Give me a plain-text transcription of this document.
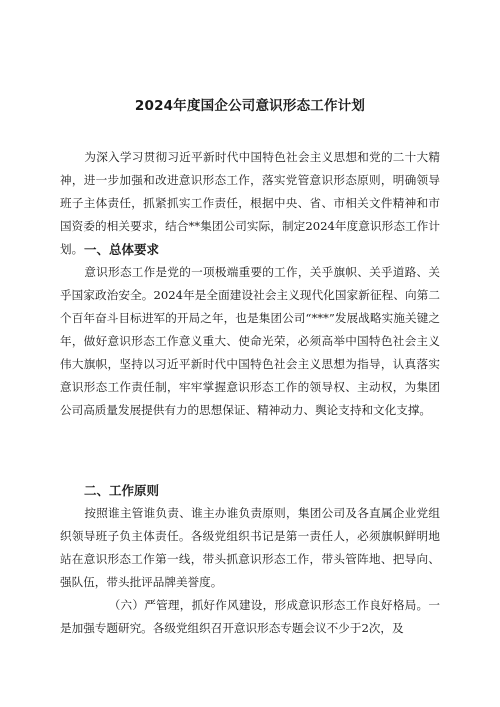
2024年度国企公司意识形态工作计划

为深入学习贯彻习近平新时代中国特色社会主义思想和党的二十大精神，进一步加强和改进意识形态工作，落实党管意识形态原则，明确领导班子主体责任，抓紧抓实工作责任，根据中央、省、市相关文件精神和市国资委的相关要求，结合**集团公司实际，制定2024年度意识形态工作计划。 一、总体要求

意识形态工作是党的一项极端重要的工作，关乎旗帜、关乎道路、关乎国家政治安全。2024年是全面建设社会主义现代化国家新征程、向第二个百年奋斗目标进军的开局之年，也是集团公司“***”发展战略实施关键之年，做好意识形态工作意义重大、使命光荣，必须高举中国特色社会主义伟大旗帜，坚持以习近平新时代中国特色社会主义思想为指导，认真落实意识形态工作责任制，牢牢掌握意识形态工作的领导权、主动权，为集团公司高质量发展提供有力的思想保证、精神动力、舆论支持和文化支撑。

二、工作原则

按照谁主管谁负责、谁主办谁负责原则，集团公司及各直属企业党组织领导班子负主体责任。各级党组织书记是第一责任人，必须旗帜鲜明地站在意识形态工作第一线，带头抓意识形态工作，带头管阵地、把导向、强队伍，带头批评品牌美誉度。

（六）严管理，抓好作风建设，形成意识形态工作良好格局。一是加强专题研究。各级党组织召开意识形态专题会议不少于2次，及
